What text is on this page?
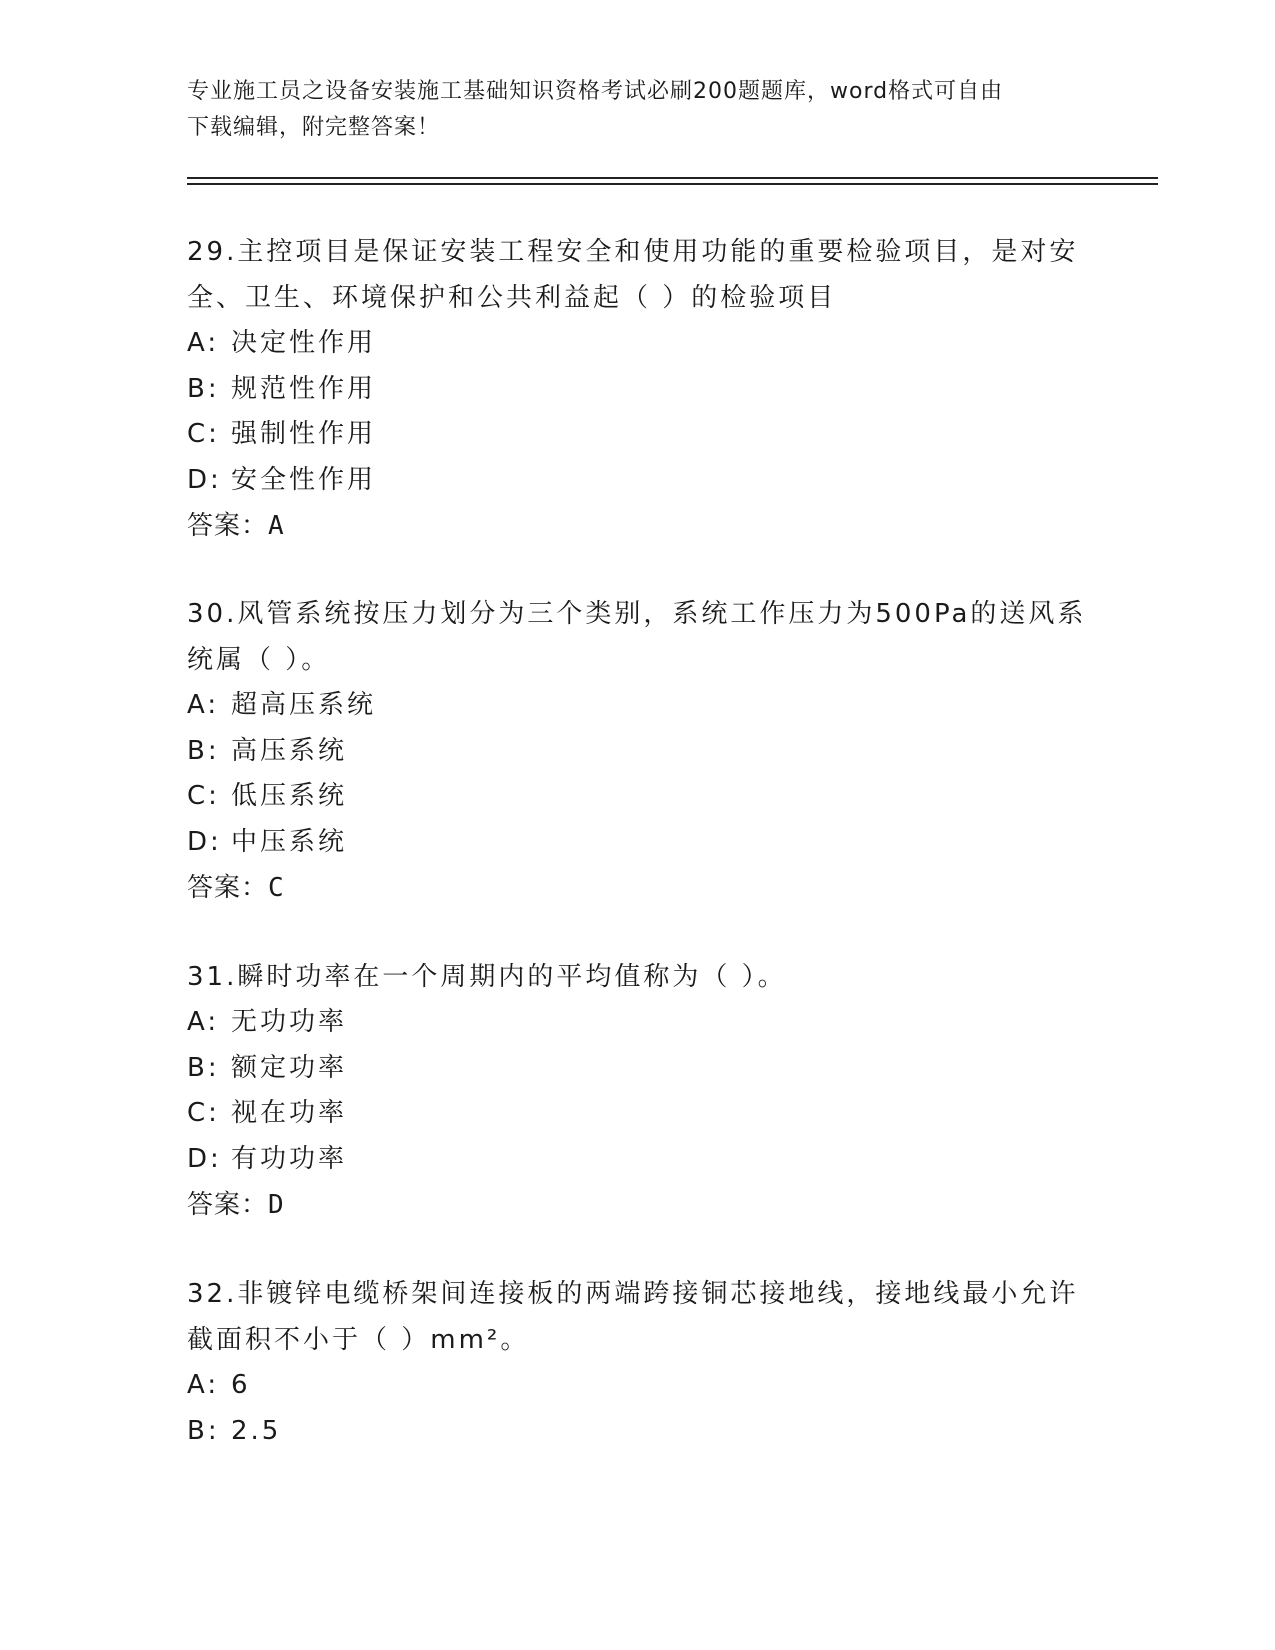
专业施工员之设备安装施工基础知识资格考试必刷200题题库，word格式可自由
下载编辑，附完整答案！

29.主控项目是保证安装工程安全和使用功能的重要检验项目，是对安

全、卫生、环境保护和公共利益起（ ）的检验项目

A: 决定性作用

B: 规范性作用

C: 强制性作用

D: 安全性作用

答案：A

30.风管系统按压力划分为三个类别，系统工作压力为500Pa的送风系

统属（ ）。

A: 超高压系统

B: 高压系统

C: 低压系统

D: 中压系统

答案：C

31.瞬时功率在一个周期内的平均值称为（ ）。

A: 无功功率

B: 额定功率

C: 视在功率

D: 有功功率

答案：D

32.非镀锌电缆桥架间连接板的两端跨接铜芯接地线，接地线最小允许

截面积不小于（ ）mm²。

A: 6

B: 2.5
